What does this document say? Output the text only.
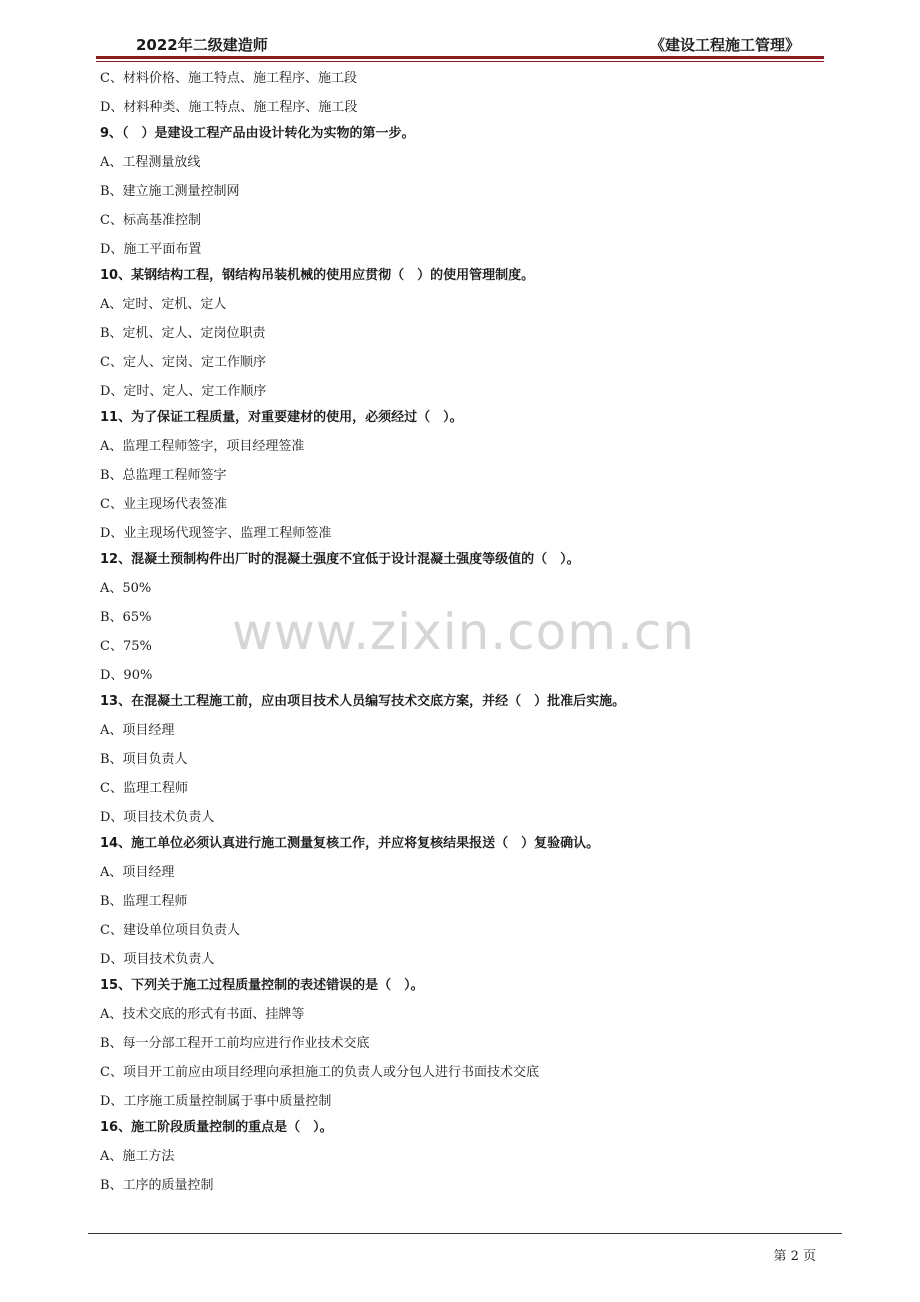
2022年二级建造师	《建设工程施工管理》
C、材料价格、施工特点、施工程序、施工段
D、材料种类、施工特点、施工程序、施工段
9、（　）是建设工程产品由设计转化为实物的第一步。
A、工程测量放线
B、建立施工测量控制网
C、标高基准控制
D、施工平面布置
10、某钢结构工程，钢结构吊装机械的使用应贯彻（　）的使用管理制度。
A、定时、定机、定人
B、定机、定人、定岗位职责
C、定人、定岗、定工作顺序
D、定时、定人、定工作顺序
11、为了保证工程质量，对重要建材的使用，必须经过（　）。
A、监理工程师签字，项目经理签准
B、总监理工程师签字
C、业主现场代表签准
D、业主现场代现签字、监理工程师签准
12、混凝土预制构件出厂时的混凝土强度不宜低于设计混凝土强度等级值的（　）。
A、50%
B、65%
C、75%
D、90%
13、在混凝土工程施工前，应由项目技术人员编写技术交底方案，并经（　）批准后实施。
A、项目经理
B、项目负责人
C、监理工程师
D、项目技术负责人
14、施工单位必须认真进行施工测量复核工作，并应将复核结果报送（　）复验确认。
A、项目经理
B、监理工程师
C、建设单位项目负责人
D、项目技术负责人
15、下列关于施工过程质量控制的表述错误的是（　）。
A、技术交底的形式有书面、挂牌等
B、每一分部工程开工前均应进行作业技术交底
C、项目开工前应由项目经理向承担施工的负责人或分包人进行书面技术交底
D、工序施工质量控制属于事中质量控制
16、施工阶段质量控制的重点是（　）。
A、施工方法
B、工序的质量控制
www.zixin.com.cn
第 2 页
